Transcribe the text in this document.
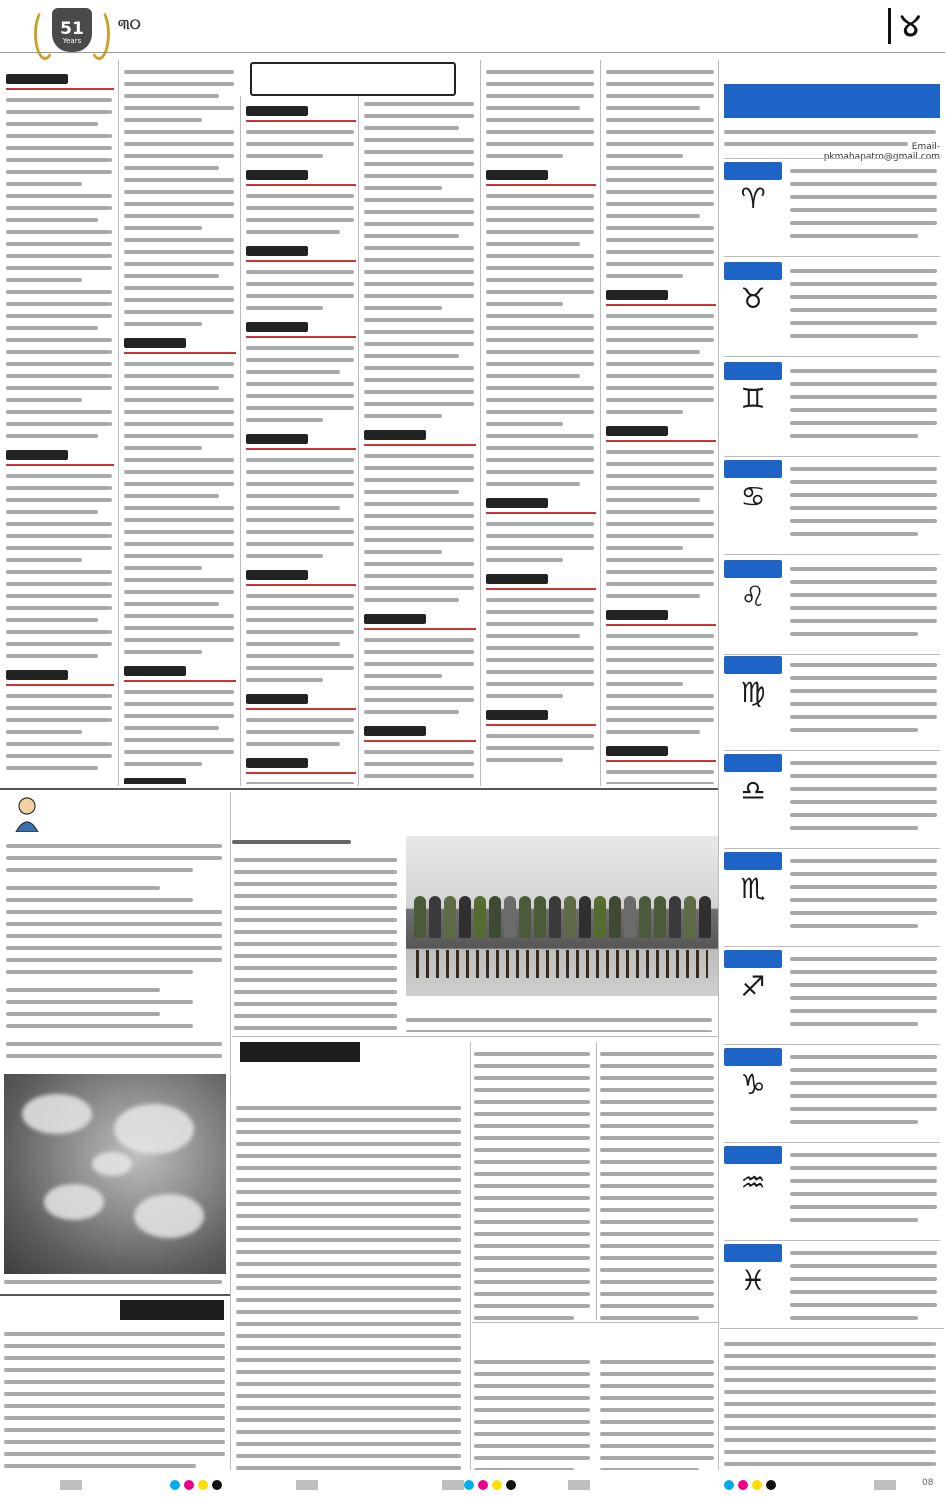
51
Years
୩୦	୪
•
•
•
•
•
•
•
•
•
•
•
•
•
•
•
•
•
•
•
•
•
•
•
•
•
•
•
•
•
•
•
•
•
•
•
•
•
•
•
•
•
•
•
•
•
•
•
•
•
•
•
•
•
•
•
•
•
•
•
•
•
•
•
•
•
•
•
•
•
•
•
•
Email-pkmahapatro@gmail.com
♈
♉
♊
♋
♌
♍
♎
♏
♐
♑
♒
♓
08
